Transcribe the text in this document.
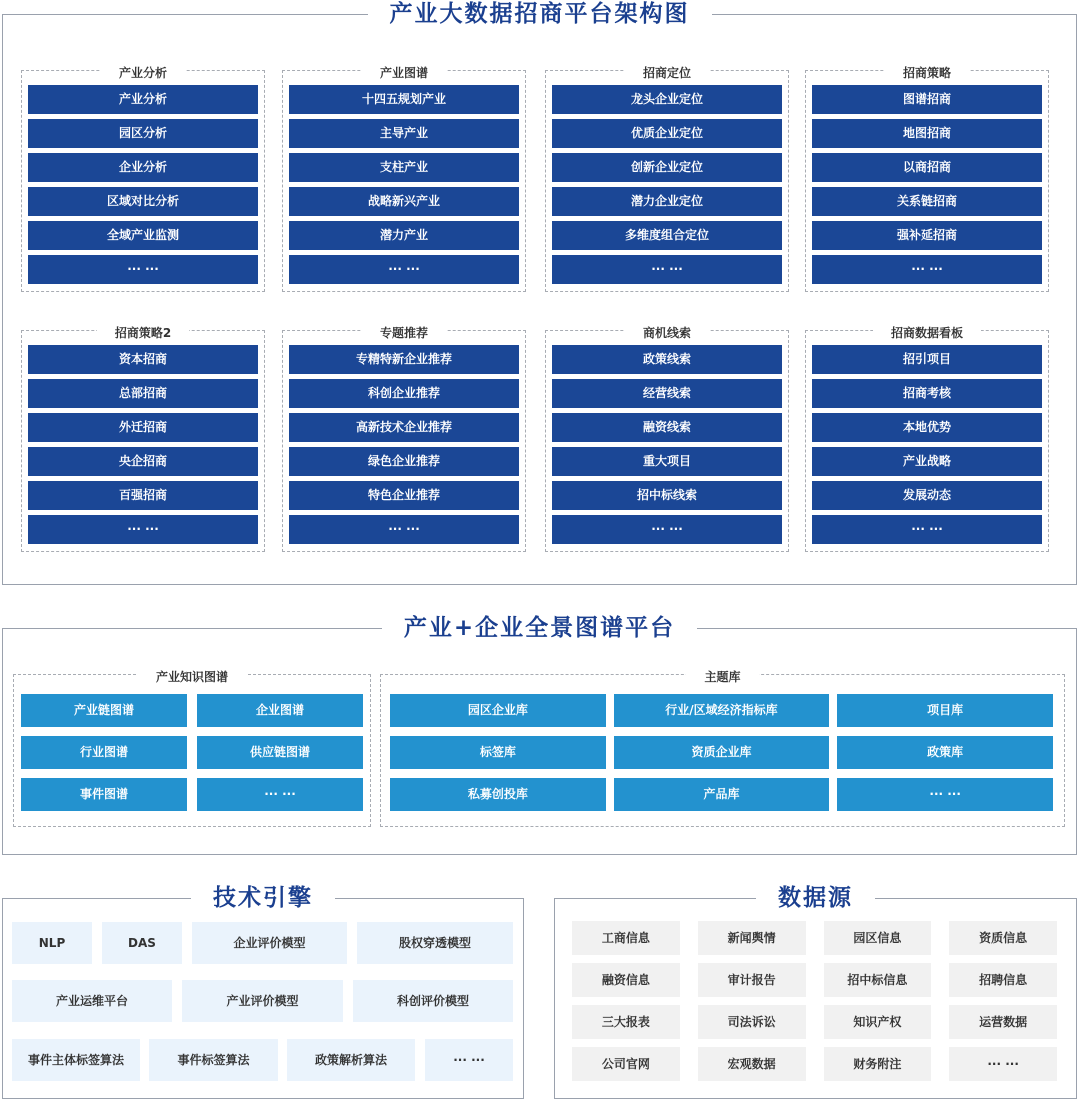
产业大数据招商平台架构图
产业分析
产业分析
园区分析
企业分析
区域对比分析
全域产业监测
··· ···
产业图谱
十四五规划产业
主导产业
支柱产业
战略新兴产业
潜力产业
··· ···
招商定位
龙头企业定位
优质企业定位
创新企业定位
潜力企业定位
多维度组合定位
··· ···
招商策略
图谱招商
地图招商
以商招商
关系链招商
强补延招商
··· ···
招商策略2
资本招商
总部招商
外迁招商
央企招商
百强招商
··· ···
专题推荐
专精特新企业推荐
科创企业推荐
高新技术企业推荐
绿色企业推荐
特色企业推荐
··· ···
商机线索
政策线索
经营线索
融资线索
重大项目
招中标线索
··· ···
招商数据看板
招引项目
招商考核
本地优势
产业战略
发展动态
··· ···
产业+企业全景图谱平台
产业知识图谱
产业链图谱	企业图谱
行业图谱	供应链图谱
事件图谱	··· ···
主题库
园区企业库	行业/区域经济指标库	项目库
标签库	资质企业库	政策库
私募创投库	产品库	··· ···
技术引擎
NLP	DAS	企业评价模型	股权穿透模型
产业运维平台	产业评价模型	科创评价模型
事件主体标签算法	事件标签算法	政策解析算法	··· ···
数据源
工商信息	新闻舆情	园区信息	资质信息
融资信息	审计报告	招中标信息	招聘信息
三大报表	司法诉讼	知识产权	运营数据
公司官网	宏观数据	财务附注	··· ···
